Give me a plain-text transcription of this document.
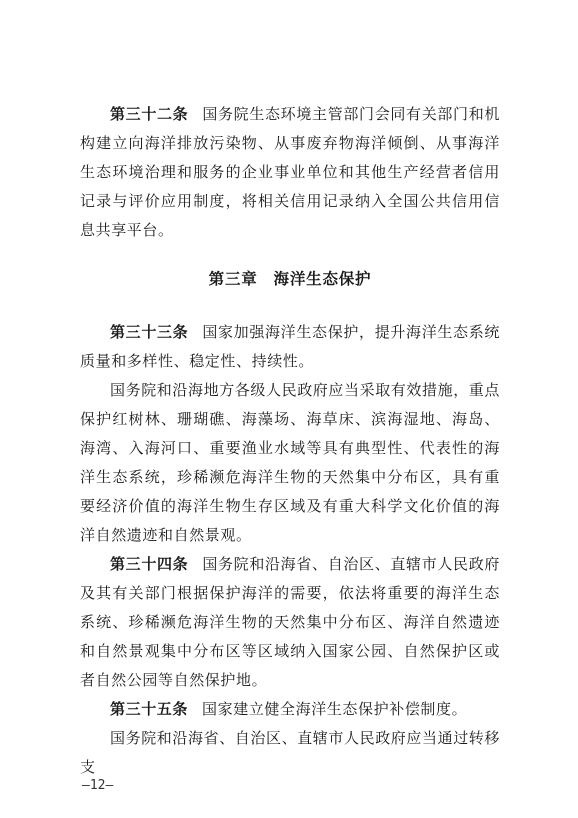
第三十二条 国务院生态环境主管部门会同有关部门和机构建立向海洋排放污染物、从事废弃物海洋倾倒、从事海洋生态环境治理和服务的企业事业单位和其他生产经营者信用记录与评价应用制度，将相关信用记录纳入全国公共信用信息共享平台。

第三章 海洋生态保护

第三十三条 国家加强海洋生态保护，提升海洋生态系统质量和多样性、稳定性、持续性。

国务院和沿海地方各级人民政府应当采取有效措施，重点保护红树林、珊瑚礁、海藻场、海草床、滨海湿地、海岛、海湾、入海河口、重要渔业水域等具有典型性、代表性的海洋生态系统，珍稀濒危海洋生物的天然集中分布区，具有重要经济价值的海洋生物生存区域及有重大科学文化价值的海洋自然遗迹和自然景观。

第三十四条 国务院和沿海省、自治区、直辖市人民政府及其有关部门根据保护海洋的需要，依法将重要的海洋生态系统、珍稀濒危海洋生物的天然集中分布区、海洋自然遗迹和自然景观集中分布区等区域纳入国家公园、自然保护区或者自然公园等自然保护地。

第三十五条 国家建立健全海洋生态保护补偿制度。

国务院和沿海省、自治区、直辖市人民政府应当通过转移支

—12—
